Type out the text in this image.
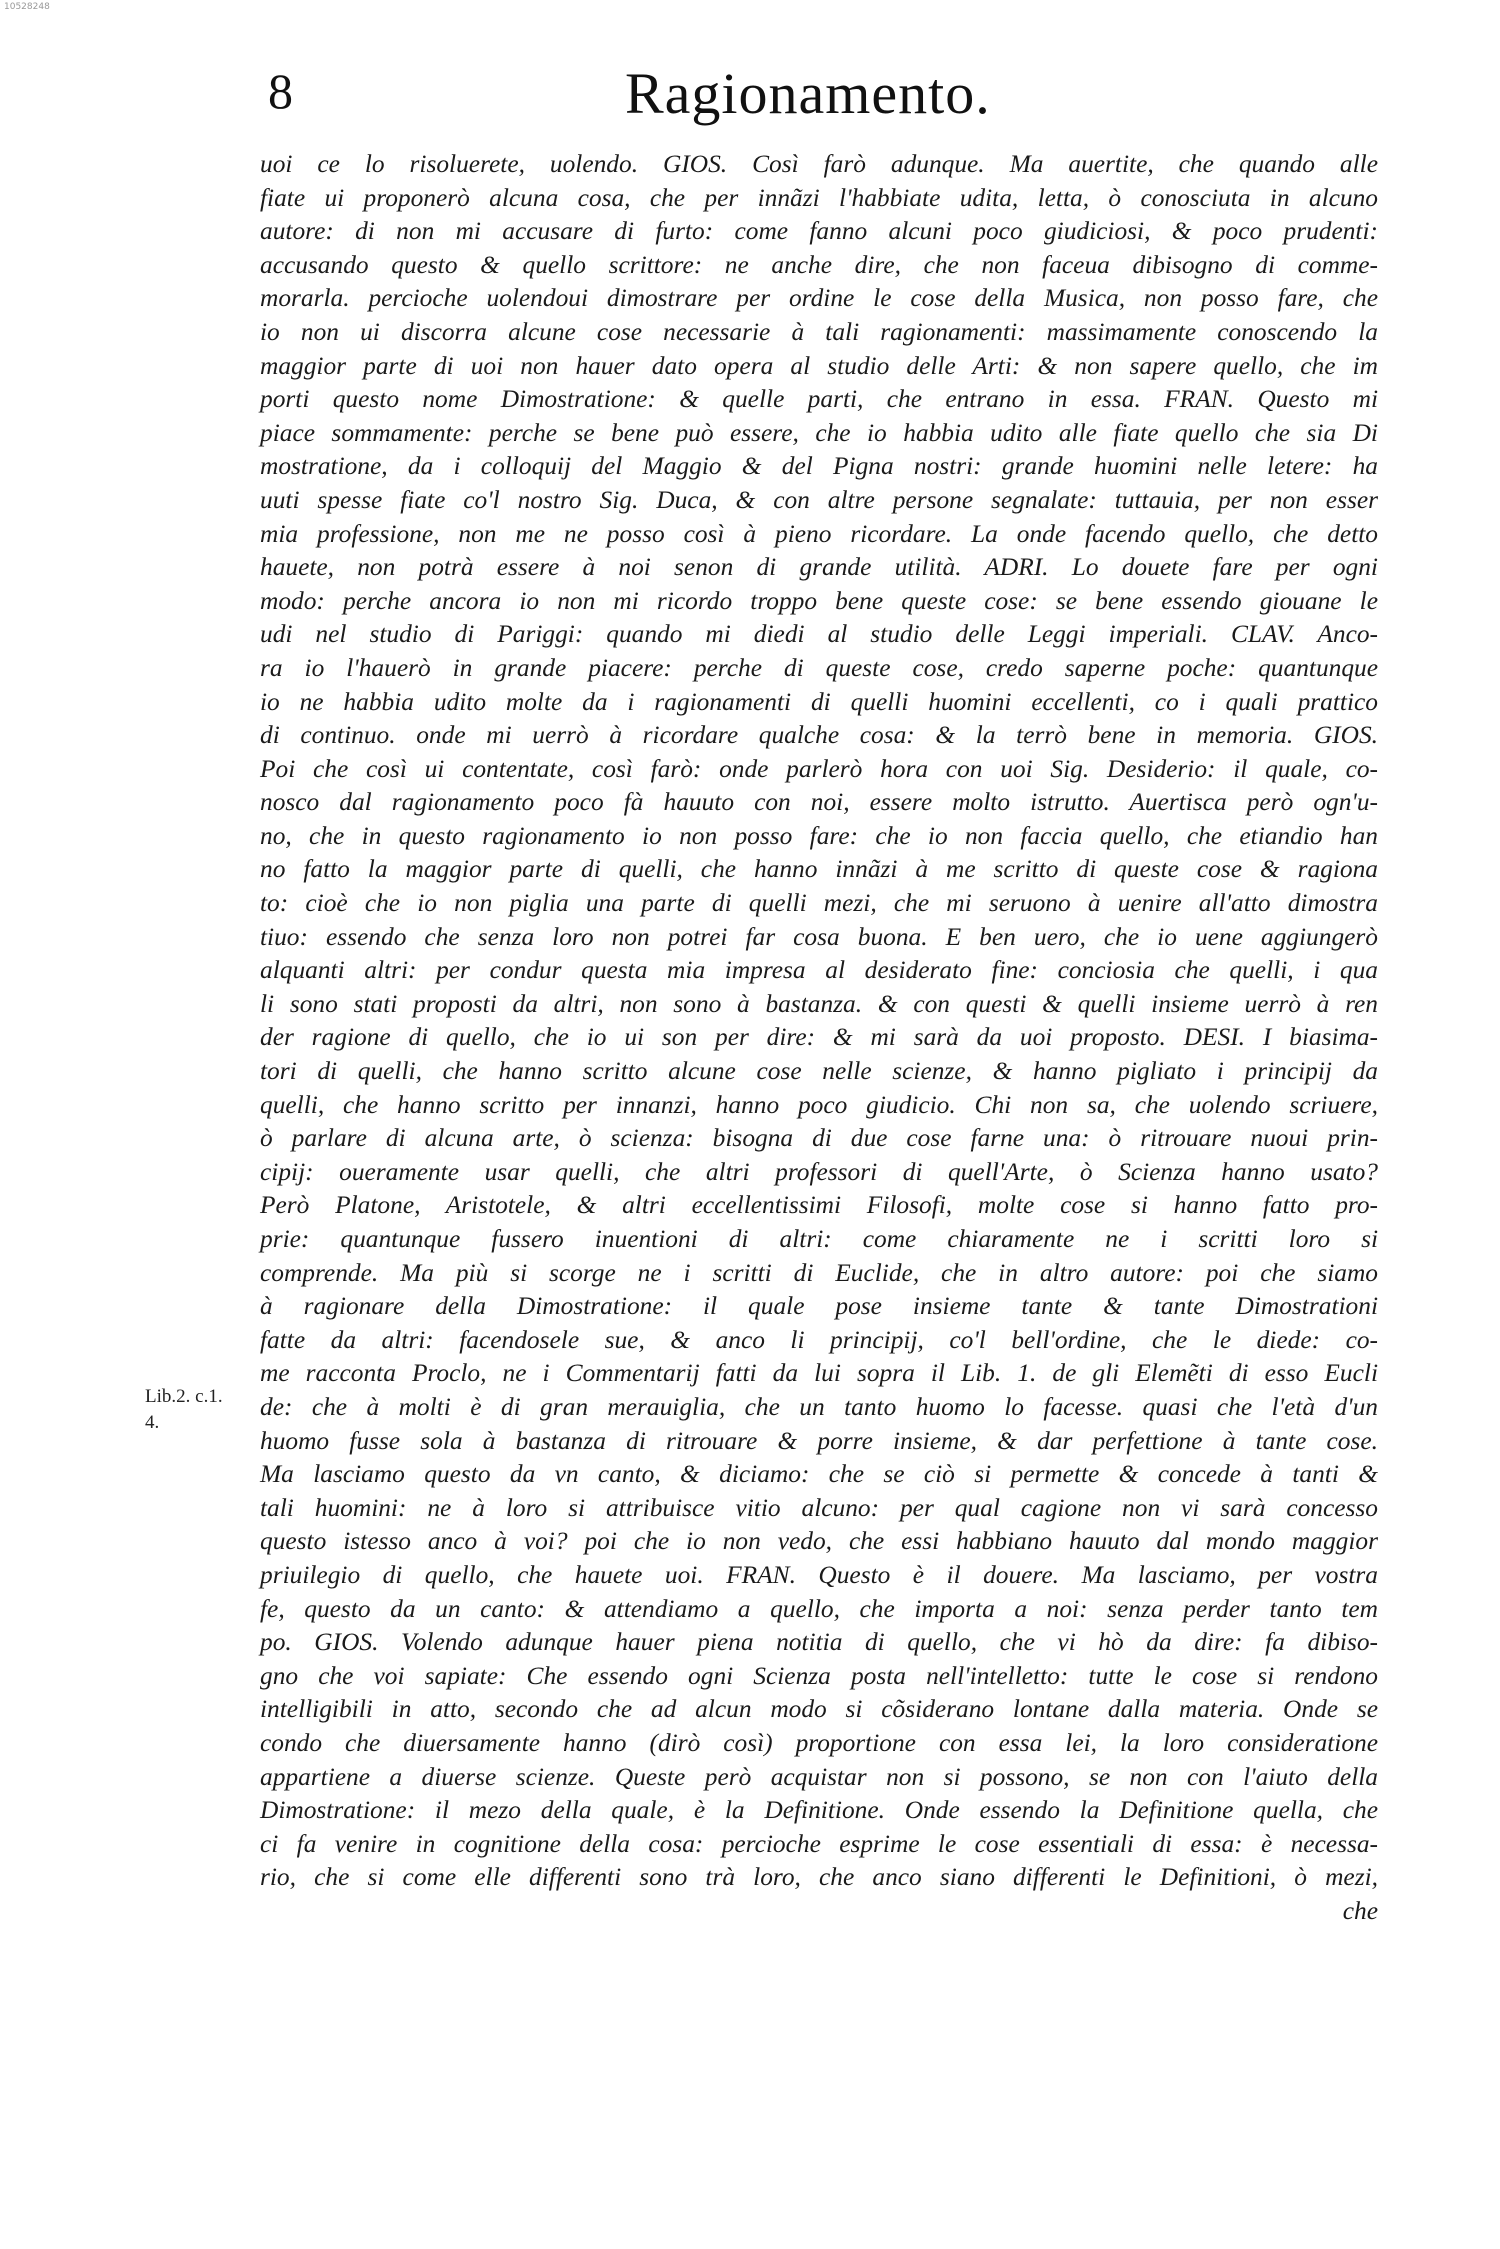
10528248
8	Ragionamento.
Lib.2. c.1.
4.
uoi ce lo risoluerete, uolendo. GIOS. Così farò adunque. Ma auertite, che quando alle
fiate ui proponerò alcuna cosa, che per innãzi l'habbiate udita, letta, ò conosciuta in alcuno
autore: di non mi accusare di furto: come fanno alcuni poco giudiciosi, & poco prudenti:
accusando questo & quello scrittore: ne anche dire, che non faceua dibisogno di comme-
morarla. percioche uolendoui dimostrare per ordine le cose della Musica, non posso fare, che
io non ui discorra alcune cose necessarie à tali ragionamenti: massimamente conoscendo la
maggior parte di uoi non hauer dato opera al studio delle Arti: & non sapere quello, che im
porti questo nome Dimostratione: & quelle parti, che entrano in essa. FRAN. Questo mi
piace sommamente: perche se bene può essere, che io habbia udito alle fiate quello che sia Di
mostratione, da i colloquij del Maggio & del Pigna nostri: grande huomini nelle letere: ha
uuti spesse fiate co'l nostro Sig. Duca, & con altre persone segnalate: tuttauia, per non esser
mia professione, non me ne posso così à pieno ricordare. La onde facendo quello, che detto
hauete, non potrà essere à noi senon di grande utilità. ADRI. Lo douete fare per ogni
modo: perche ancora io non mi ricordo troppo bene queste cose: se bene essendo giouane le
udi nel studio di Pariggi: quando mi diedi al studio delle Leggi imperiali. CLAV. Anco-
ra io l'hauerò in grande piacere: perche di queste cose, credo saperne poche: quantunque
io ne habbia udito molte da i ragionamenti di quelli huomini eccellenti, co i quali prattico
di continuo. onde mi uerrò à ricordare qualche cosa: & la terrò bene in memoria. GIOS.
Poi che così ui contentate, così farò: onde parlerò hora con uoi Sig. Desiderio: il quale, co-
nosco dal ragionamento poco fà hauuto con noi, essere molto istrutto. Auertisca però ogn'u-
no, che in questo ragionamento io non posso fare: che io non faccia quello, che etiandio han
no fatto la maggior parte di quelli, che hanno innãzi à me scritto di queste cose & ragiona
to: cioè che io non piglia una parte di quelli mezi, che mi seruono à uenire all'atto dimostra
tiuo: essendo che senza loro non potrei far cosa buona. E ben uero, che io uene aggiungerò
alquanti altri: per condur questa mia impresa al desiderato fine: conciosia che quelli, i qua
li sono stati proposti da altri, non sono à bastanza. & con questi & quelli insieme uerrò à ren
der ragione di quello, che io ui son per dire: & mi sarà da uoi proposto. DESI. I biasima-
tori di quelli, che hanno scritto alcune cose nelle scienze, & hanno pigliato i principij da
quelli, che hanno scritto per innanzi, hanno poco giudicio. Chi non sa, che uolendo scriuere,
ò parlare di alcuna arte, ò scienza: bisogna di due cose farne una: ò ritrouare nuoui prin-
cipij: oueramente usar quelli, che altri professori di quell'Arte, ò Scienza hanno usato?
Però Platone, Aristotele, & altri eccellentissimi Filosofi, molte cose si hanno fatto pro-
prie: quantunque fussero inuentioni di altri: come chiaramente ne i scritti loro si
comprende. Ma più si scorge ne i scritti di Euclide, che in altro autore: poi che siamo
à ragionare della Dimostratione: il quale pose insieme tante & tante Dimostrationi
fatte da altri: facendosele sue, & anco li principij, co'l bell'ordine, che le diede: co-
me racconta Proclo, ne i Commentarij fatti da lui sopra il Lib. 1. de gli Elemẽti di esso Eucli
de: che à molti è di gran merauiglia, che un tanto huomo lo facesse. quasi che l'età d'un
huomo fusse sola à bastanza di ritrouare & porre insieme, & dar perfettione à tante cose.
Ma lasciamo questo da vn canto, & diciamo: che se ciò si permette & concede à tanti &
tali huomini: ne à loro si attribuisce vitio alcuno: per qual cagione non vi sarà concesso
questo istesso anco à voi? poi che io non vedo, che essi habbiano hauuto dal mondo maggior
priuilegio di quello, che hauete uoi. FRAN. Questo è il douere. Ma lasciamo, per vostra
fe, questo da un canto: & attendiamo a quello, che importa a noi: senza perder tanto tem
po. GIOS. Volendo adunque hauer piena notitia di quello, che vi hò da dire: fa dibiso-
gno che voi sapiate: Che essendo ogni Scienza posta nell'intelletto: tutte le cose si rendono
intelligibili in atto, secondo che ad alcun modo si cõsiderano lontane dalla materia. Onde se
condo che diuersamente hanno (dirò così) proportione con essa lei, la loro consideratione
appartiene a diuerse scienze. Queste però acquistar non si possono, se non con l'aiuto della
Dimostratione: il mezo della quale, è la Definitione. Onde essendo la Definitione quella, che
ci fa venire in cognitione della cosa: percioche esprime le cose essentiali di essa: è necessa-
rio, che si come elle differenti sono trà loro, che anco siano differenti le Definitioni, ò mezi,
che
